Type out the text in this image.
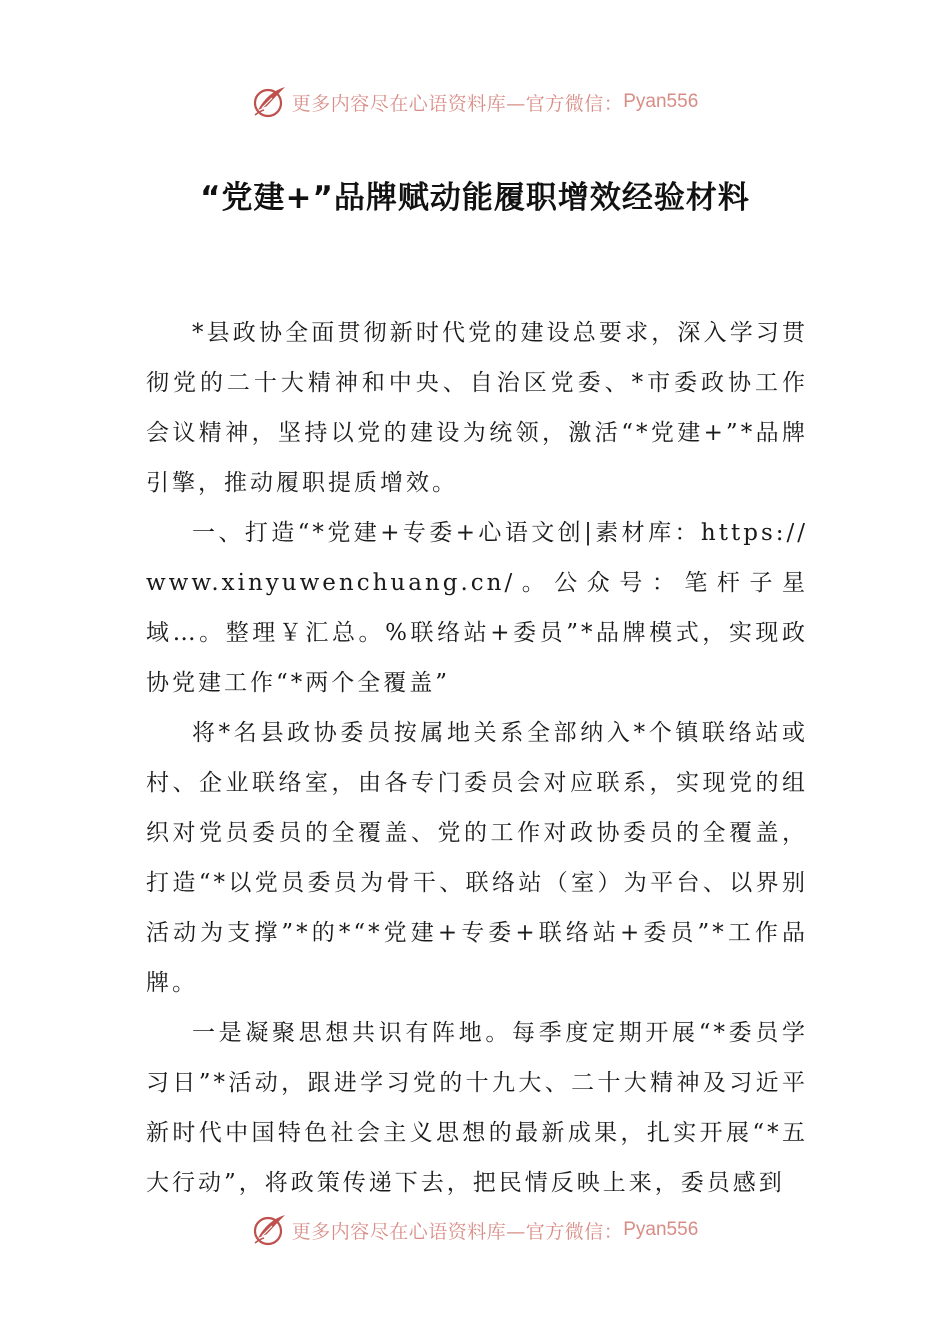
更多内容尽在心语资料库—官方微信： Pyan556
“党建+”品牌赋动能履职增效经验材料

*县政协全面贯彻新时代党的建设总要求，深入学习贯彻党的二十大精神和中央、自治区党委、*市委政协工作会议精神，坚持以党的建设为统领，激活“*党建+”*品牌引擎，推动履职提质增效。

一、打造“*党建+专委+心语文创|素材库：https://www.xinyuwenchuang.cn/。公众号：笔杆子星域…。整理￥汇总。%联络站+委员”*品牌模式，实现政协党建工作“*两个全覆盖”

将*名县政协委员按属地关系全部纳入*个镇联络站或村、企业联络室，由各专门委员会对应联系，实现党的组织对党员委员的全覆盖、党的工作对政协委员的全覆盖，打造“*以党员委员为骨干、联络站（室）为平台、以界别活动为支撑”*的*“*党建+专委+联络站+委员”*工作品牌。

一是凝聚思想共识有阵地。每季度定期开展“*委员学习日”*活动，跟进学习党的十九大、二十大精神及习近平新时代中国特色社会主义思想的最新成果，扎实开展“*五大行动”，将政策传递下去，把民情反映上来，委员感到

更多内容尽在心语资料库—官方微信： Pyan556
